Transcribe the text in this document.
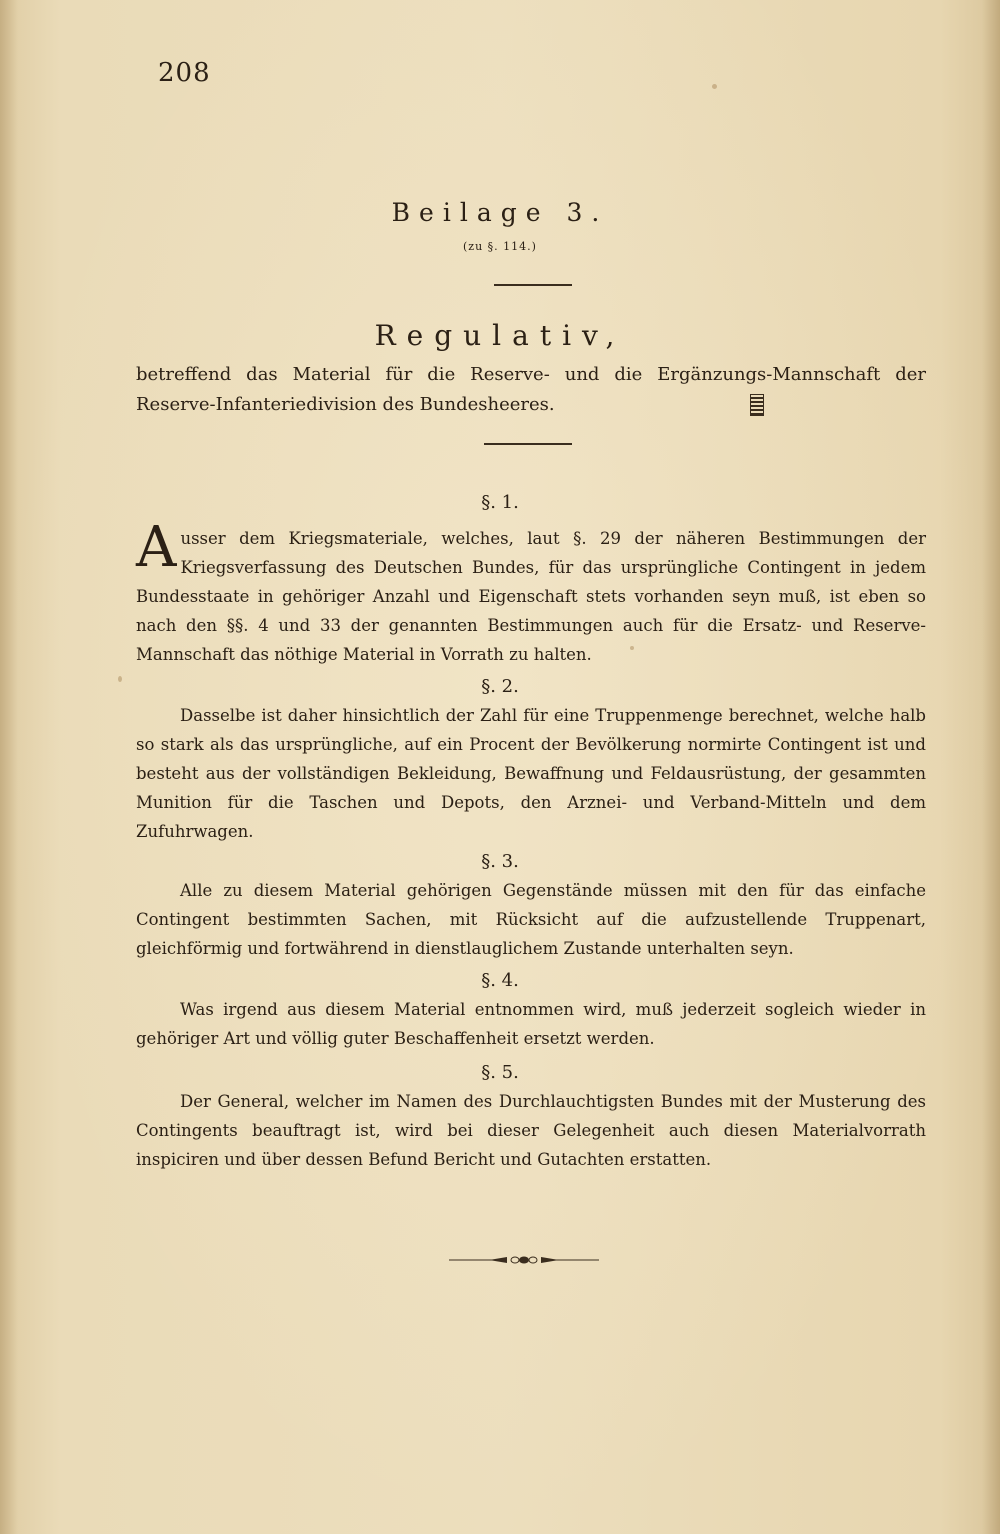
208
Beilage 3.
(zu §. 114.)
Regulativ,
betreffend das Material für die Reserve- und die Ergänzungs-Mannschaft der Reserve-Infanteriedivision des Bundesheeres.
§. 1.
Ausser dem Kriegsmateriale, welches, laut §. 29 der näheren Bestimmungen der Kriegsverfassung des Deutschen Bundes, für das ursprüngliche Contingent in jedem Bundesstaate in gehöriger Anzahl und Eigenschaft stets vorhanden seyn muß, ist eben so nach den §§. 4 und 33 der genannten Bestimmungen auch für die Ersatz- und Reserve-Mannschaft das nöthige Material in Vorrath zu halten.
§. 2.
Dasselbe ist daher hinsichtlich der Zahl für eine Truppenmenge berechnet, welche halb so stark als das ursprüngliche, auf ein Procent der Bevölkerung normirte Contingent ist und besteht aus der vollständigen Bekleidung, Bewaffnung und Feldausrüstung, der gesammten Munition für die Taschen und Depots, den Arznei- und Verband-Mitteln und dem Zufuhrwagen.
§. 3.
Alle zu diesem Material gehörigen Gegenstände müssen mit den für das einfache Contingent bestimmten Sachen, mit Rücksicht auf die aufzustellende Truppenart, gleichförmig und fortwährend in dienstlauglichem Zustande unterhalten seyn.
§. 4.
Was irgend aus diesem Material entnommen wird, muß jederzeit sogleich wieder in gehöriger Art und völlig guter Beschaffenheit ersetzt werden.
§. 5.
Der General, welcher im Namen des Durchlauchtigsten Bundes mit der Musterung des Contingents beauftragt ist, wird bei dieser Gelegenheit auch diesen Materialvorrath inspiciren und über dessen Befund Bericht und Gutachten erstatten.
